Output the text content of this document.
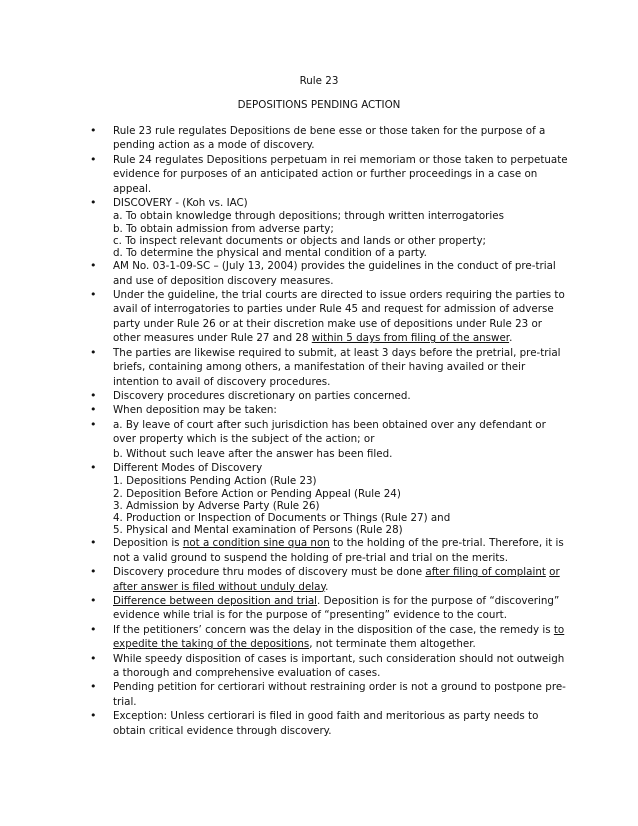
Rule 23
DEPOSITIONS PENDING ACTION
• Rule 23 rule regulates Depositions de bene esse or those taken for the purpose of a pending action as a mode of discovery.
• Rule 24 regulates Depositions perpetuam in rei memoriam or those taken to perpetuate evidence for purposes of an anticipated action or further proceedings in a case on appeal.
• DISCOVERY - (Koh vs. IAC)
a. To obtain knowledge through depositions; through written interrogatories
b. To obtain admission from adverse party;
c. To inspect relevant documents or objects and lands or other property;
d. To determine the physical and mental condition of a party.
• AM No. 03-1-09-SC – (July 13, 2004) provides the guidelines in the conduct of pre-trial and use of deposition discovery measures.
• Under the guideline, the trial courts are directed to issue orders requiring the parties to avail of interrogatories to parties under Rule 45 and request for admission of adverse party under Rule 26 or at their discretion make use of depositions under Rule 23 or other measures under Rule 27 and 28 within 5 days from filing of the answer.
• The parties are likewise required to submit, at least 3 days before the pretrial, pre-trial briefs, containing among others, a manifestation of their having availed or their intention to avail of discovery procedures.
• Discovery procedures discretionary on parties concerned.
• When deposition may be taken:
• a. By leave of court after such jurisdiction has been obtained over any defendant or over property which is the subject of the action; or
b. Without such leave after the answer has been filed.
• Different Modes of Discovery
1. Depositions Pending Action (Rule 23)
2. Deposition Before Action or Pending Appeal (Rule 24)
3. Admission by Adverse Party (Rule 26)
4. Production or Inspection of Documents or Things (Rule 27) and
5. Physical and Mental examination of Persons (Rule 28)
• Deposition is not a condition sine qua non to the holding of the pre-trial. Therefore, it is not a valid ground to suspend the holding of pre-trial and trial on the merits.
• Discovery procedure thru modes of discovery must be done after filing of complaint or after answer is filed without unduly delay.
• Difference between deposition and trial. Deposition is for the purpose of “discovering” evidence while trial is for the purpose of “presenting” evidence to the court.
• If the petitioners’ concern was the delay in the disposition of the case, the remedy is to expedite the taking of the depositions, not terminate them altogether.
• While speedy disposition of cases is important, such consideration should not outweigh a thorough and comprehensive evaluation of cases.
• Pending petition for certiorari without restraining order is not a ground to postpone pre-trial.
• Exception: Unless certiorari is filed in good faith and meritorious as party needs to obtain critical evidence through discovery.
